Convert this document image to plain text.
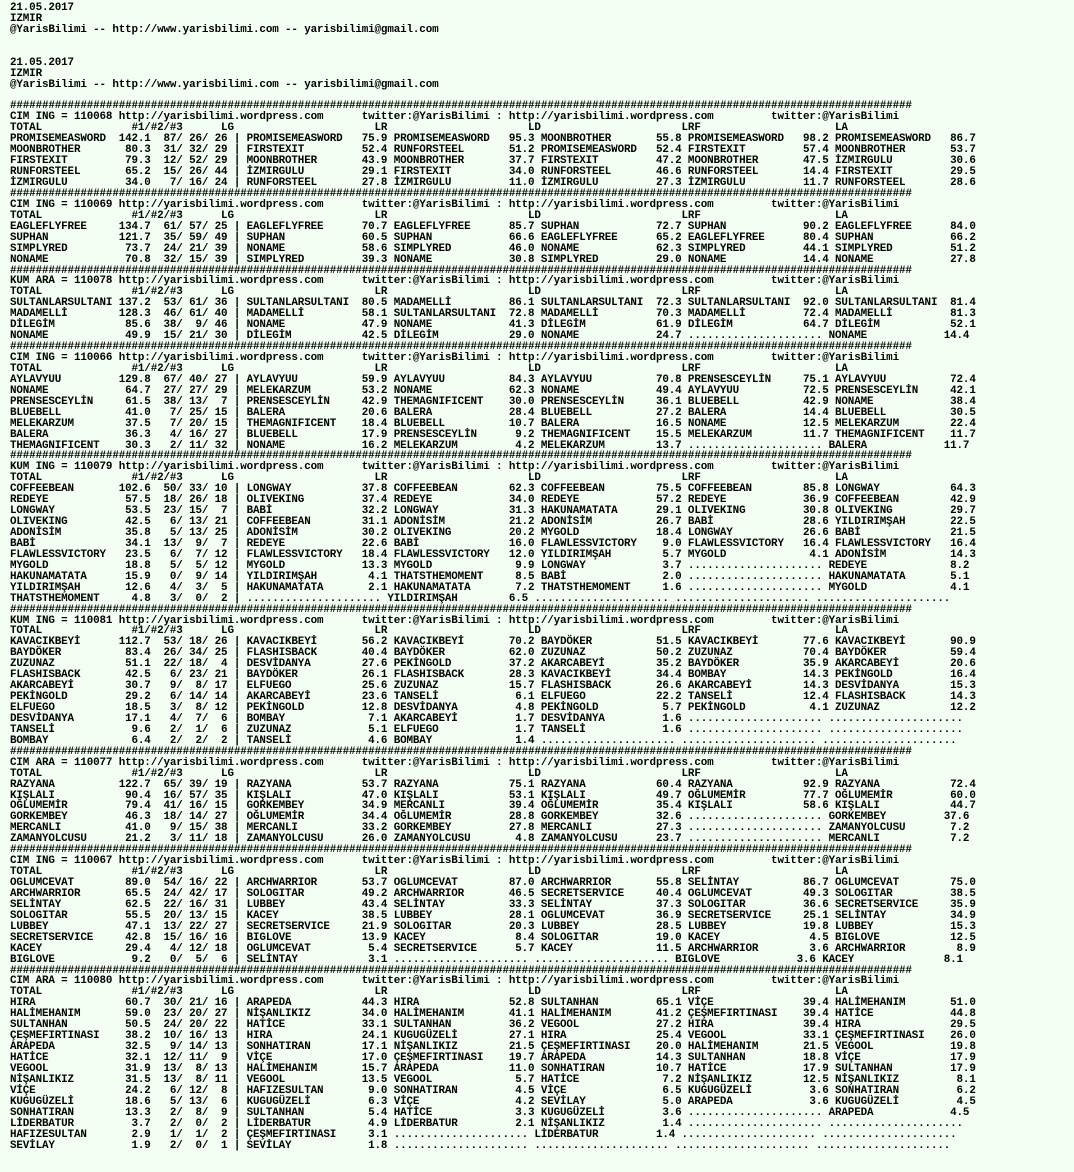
21.05.2017
IZMIR
@YarisBilimi -- http://www.yarisbilimi.com -- yarisbilimi@gmail.com

21.05.2017
IZMIR
@YarisBilimi -- http://www.yarisbilimi.com -- yarisbilimi@gmail.com

#############################################################################################################################################
CIM ING = 110068 http://yarisbilimi.wordpress.com      twitter:@YarisBilimi : http://yarisbilimi.wordpress.com         twitter:@YarisBilimi
TOTAL              #1/#2/#3      LG                      LR                      LD                      LRF                     LA
PROMISEMEASWORD  142.1  87/ 26/ 26 | PROMISEMEASWORD   75.9 PROMISEMEASWORD   95.3 MOONBROTHER       55.8 PROMISEMEASWORD   98.2 PROMISEMEASWORD   86.7
MOONBROTHER       80.3  31/ 32/ 29 | FIRSTEXIT         52.4 RUNFORSTEEL       51.2 PROMISEMEASWORD   52.4 FIRSTEXIT         57.4 MOONBROTHER       53.7
FIRSTEXIT         79.3  12/ 52/ 29 | MOONBROTHER       43.9 MOONBROTHER       37.7 FIRSTEXIT         47.2 MOONBROTHER       47.5 İZMIRGULU         30.6
RUNFORSTEEL       65.2  15/ 26/ 44 | İZMIRGULU         29.1 FIRSTEXIT         34.0 RUNFORSTEEL       46.6 RUNFORSTEEL       14.4 FIRSTEXIT         29.5
İZMIRGULU         34.0   7/ 16/ 24 | RUNFORSTEEL       27.8 İZMIRGULU         11.0 İZMIRGULU         27.3 İZMIRGULU         11.7 RUNFORSTEEL       28.6
#############################################################################################################################################
CIM ING = 110069 http://yarisbilimi.wordpress.com      twitter:@YarisBilimi : http://yarisbilimi.wordpress.com         twitter:@YarisBilimi
TOTAL              #1/#2/#3      LG                      LR                      LD                      LRF                     LA
EAGLEFLYFREE     134.7  61/ 57/ 25 | EAGLEFLYFREE      70.7 EAGLEFLYFREE      85.7 SUPHAN            72.7 SUPHAN            90.2 EAGLEFLYFREE      84.0
SUPHAN           121.7  35/ 59/ 49 | SUPHAN            60.5 SUPHAN            66.6 EAGLEFLYFREE      65.2 EAGLEFLYFREE      80.4 SUPHAN            66.2
SIMPLYRED         73.7  24/ 21/ 39 | NONAME            58.6 SIMPLYRED         46.0 NONAME            62.3 SIMPLYRED         44.1 SIMPLYRED         51.2
NONAME            70.8  32/ 15/ 39 | SIMPLYRED         39.3 NONAME            30.8 SIMPLYRED         29.0 NONAME            14.4 NONAME            27.8
#############################################################################################################################################
KUM ARA = 110078 http://yarisbilimi.wordpress.com      twitter:@YarisBilimi : http://yarisbilimi.wordpress.com         twitter:@YarisBilimi
TOTAL              #1/#2/#3      LG                      LR                      LD                      LRF                     LA
SULTANLARSULTANI 137.2  53/ 61/ 36 | SULTANLARSULTANI  80.5 MADAMELLİ         86.1 SULTANLARSULTANI  72.3 SULTANLARSULTANI  92.0 SULTANLARSULTANI  81.4
MADAMELLİ        128.3  46/ 61/ 40 | MADAMELLİ         58.1 SULTANLARSULTANI  72.8 MADAMELLİ         70.3 MADAMELLİ         72.4 MADAMELLİ         81.3
DİLEGİM           85.6  38/  9/ 46 | NONAME            47.9 NONAME            41.3 DİLEGİM           61.9 DİLEGİM           64.7 DİLEGİM           52.1
NONAME            49.9  15/ 21/ 30 | DİLEGİM           42.5 DİLEGİM           29.0 NONAME            24.7 ..................... NONAME            14.4
#############################################################################################################################################
CIM ING = 110066 http://yarisbilimi.wordpress.com      twitter:@YarisBilimi : http://yarisbilimi.wordpress.com         twitter:@YarisBilimi
TOTAL              #1/#2/#3      LG                      LR                      LD                      LRF                     LA
AYLAVYUU         129.8  67/ 40/ 27 | AYLAVYUU          59.9 AYLAVYUU          84.3 AYLAVYUU          70.8 PRENSESCEYLİN     75.1 AYLAVYUU          72.4
NONAME            64.7  27/ 27/ 29 | MELEKARZUM        53.2 NONAME            62.3 NONAME            49.4 AYLAVYUU          72.5 PRENSESCEYLİN     42.1
PRENSESCEYLİN     61.5  38/ 13/  7 | PRENSESCEYLİN     42.9 THEMAGNIFICENT    30.0 PRENSESCEYLİN     36.1 BLUEBELL          42.9 NONAME            38.4
BLUEBELL          41.0   7/ 25/ 15 | BALERA            20.6 BALERA            28.4 BLUEBELL          27.2 BALERA            14.4 BLUEBELL          30.5
MELEKARZUM        37.5   7/ 20/ 15 | THEMAGNIFICENT    18.4 BLUEBELL          10.7 BALERA            16.5 NONAME            12.5 MELEKARZUM        22.4
BALERA            36.3   4/ 16/ 27 | BLUEBELL          17.9 PRENSESCEYLİN      9.2 THEMAGNIFICENT    15.5 MELEKARZUM        11.7 THEMAGNIFICENT    11.7
THEMAGNIFICENT    30.3   2/ 11/ 32 | NONAME            16.2 MELEKARZUM         4.2 MELEKARZUM        13.7 ..................... BALERA            11.7
#############################################################################################################################################
KUM ING = 110079 http://yarisbilimi.wordpress.com      twitter:@YarisBilimi : http://yarisbilimi.wordpress.com         twitter:@YarisBilimi
TOTAL              #1/#2/#3      LG                      LR                      LD                      LRF                     LA
COFFEEBEAN       102.6  50/ 33/ 10 | LONGWAY           37.8 COFFEEBEAN        62.3 COFFEEBEAN        75.5 COFFEEBEAN        85.8 LONGWAY           64.3
REDEYE            57.5  18/ 26/ 18 | OLIVEKING         37.4 REDEYE            34.0 REDEYE            57.2 REDEYE            36.9 COFFEEBEAN        42.9
LONGWAY           53.5  23/ 15/  7 | BABİ              32.2 LONGWAY           31.3 HAKUNAMATATA      29.1 OLIVEKING         30.8 OLIVEKING         29.7
OLIVEKING         42.5   6/ 13/ 21 | COFFEEBEAN        31.1 ADONİSİM          21.2 ADONİSİM          26.7 BABİ              28.6 YILDIRIMŞAH       22.5
ADONİSİM          35.8   5/ 13/ 25 | ADONİSİM          30.2 OLIVEKING         20.2 MYGOLD            18.4 LONGWAY           26.6 BABİ              21.5
BABİ              34.1  13/  9/  7 | REDEYE            22.6 BABİ              16.0 FLAWLESSVICTORY    9.0 FLAWLESSVICTORY   16.4 FLAWLESSVICTORY   16.4
FLAWLESSVICTORY   23.5   6/  7/ 12 | FLAWLESSVICTORY   18.4 FLAWLESSVICTORY   12.0 YILDIRIMŞAH        5.7 MYGOLD             4.1 ADONİSİM          14.3
MYGOLD            18.8   5/  5/ 12 | MYGOLD            13.3 MYGOLD             9.9 LONGWAY            3.7 ..................... REDEYE             8.2
HAKUNAMATATA      15.9   0/  9/ 14 | YILDIRIMŞAH        4.1 THATSTHEMOMENT     8.5 BABİ               2.0 ..................... HAKUNAMATATA       5.1
YILDIRIMŞAH       12.6   4/  3/  5 | HAKUNAMATATA       2.1 HAKUNAMATATA       7.2 THATSTHEMOMENT     1.6 ..................... MYGOLD             4.1
THATSTHEMOMENT     4.8   3/  0/  2 | ..................... YILDIRIMŞAH        6.5 ..................... ..................... .....................
#############################################################################################################################################
KUM ING = 110081 http://yarisbilimi.wordpress.com      twitter:@YarisBilimi : http://yarisbilimi.wordpress.com         twitter:@YarisBilimi
TOTAL              #1/#2/#3      LG                      LR                      LD                      LRF                     LA
KAVACIKBEYİ      112.7  53/ 18/ 26 | KAVACIKBEYİ       56.2 KAVACIKBEYİ       70.2 BAYDÖKER          51.5 KAVACIKBEYİ       77.6 KAVACIKBEYİ       90.9
BAYDÖKER          83.4  26/ 34/ 25 | FLASHISBACK       40.4 BAYDÖKER          62.0 ZUZUNAZ           50.2 ZUZUNAZ           70.4 BAYDÖKER          59.4
ZUZUNAZ           51.1  22/ 18/  4 | DESVİDANYA        27.6 PEKİNGOLD         37.2 AKARCABEYİ        35.2 BAYDÖKER          35.9 AKARCABEYİ        20.6
FLASHISBACK       42.5   6/ 23/ 21 | BAYDÖKER          26.1 FLASHISBACK       28.3 KAVACIKBEYİ       34.4 BOMBAY            14.3 PEKİNGOLD         16.4
AKARCABEYİ        30.7   9/  8/ 17 | ELFUEGO           25.6 ZUZUNAZ           15.7 FLASHISBACK       26.6 AKARCABEYİ        14.3 DESVİDANYA        15.3
PEKİNGOLD         29.2   6/ 14/ 14 | AKARCABEYİ        23.6 TANSELİ            6.1 ELFUEGO           22.2 TANSELİ           12.4 FLASHISBACK       14.3
ELFUEGO           18.5   3/  8/ 12 | PEKİNGOLD         12.8 DESVİDANYA         4.8 PEKİNGOLD          5.7 PEKİNGOLD          4.1 ZUZUNAZ           12.2
DESVİDANYA        17.1   4/  7/  6 | BOMBAY             7.1 AKARCABEYİ         1.7 DESVİDANYA         1.6 ..................... .....................
TANSELİ            9.6   2/  1/  6 | ZUZUNAZ            5.1 ELFUEGO            1.7 TANSELİ            1.6 ..................... .....................
BOMBAY             6.4   2/  2/  2 | TANSELİ            4.6 BOMBAY             1.4 ..................... ..................... .....................
#############################################################################################################################################
CIM ARA = 110077 http://yarisbilimi.wordpress.com      twitter:@YarisBilimi : http://yarisbilimi.wordpress.com         twitter:@YarisBilimi
TOTAL              #1/#2/#3      LG                      LR                      LD                      LRF                     LA
RAZYANA          122.7  65/ 39/ 19 | RAZYANA           53.7 RAZYANA           75.1 RAZYANA           60.4 RAZYANA           92.9 RAZYANA           72.4
KIŞLALI           90.4  16/ 57/ 35 | KIŞLALI           47.0 KIŞLALI           53.1 KIŞLALI           49.7 OĞLUMEMİR         77.7 OĞLUMEMİR         60.0
OĞLUMEMİR         79.4  41/ 16/ 15 | GORKEMBEY         34.9 MERCANLI          39.4 OĞLUMEMİR         35.4 KIŞLALI           58.6 KIŞLALI           44.7
GORKEMBEY         46.3  18/ 14/ 27 | OĞLUMEMİR         34.4 OĞLUMEMİR         28.8 GORKEMBEY         32.6 ..................... GORKEMBEY         37.6
MERCANLI          41.0   9/ 15/ 38 | MERCANLI          33.2 GORKEMBEY         27.8 MERCANLI          27.3 ..................... ZAMANYOLCUSU       7.2
ZAMANYOLCUSU      21.2   3/ 11/ 18 | ZAMANYOLCUSU      26.0 ZAMANYOLCUSU       4.8 ZAMANYOLCUSU      23.7 ..................... MERCANLI           7.2
#############################################################################################################################################
CIM ING = 110067 http://yarisbilimi.wordpress.com      twitter:@YarisBilimi : http://yarisbilimi.wordpress.com         twitter:@YarisBilimi
TOTAL              #1/#2/#3      LG                      LR                      LD                      LRF                     LA
OGLUMCEVAT        89.0  54/ 16/ 22 | ARCHWARRIOR       53.7 OGLUMCEVAT        87.0 ARCHWARRIOR       55.8 SELİNTAY          86.7 OGLUMCEVAT        75.0
ARCHWARRIOR       65.5  24/ 42/ 17 | SOLOGITAR         49.2 ARCHWARRIOR       46.5 SECRETSERVICE     40.4 OGLUMCEVAT        49.3 SOLOGITAR         38.5
SELİNTAY          62.5  22/ 16/ 31 | LUBBEY            43.4 SELİNTAY          33.3 SELİNTAY          37.3 SOLOGITAR         36.6 SECRETSERVICE     35.9
SOLOGITAR         55.5  20/ 13/ 15 | KACEY             38.5 LUBBEY            28.1 OGLUMCEVAT        36.9 SECRETSERVICE     25.1 SELİNTAY          34.9
LUBBEY            47.1  13/ 22/ 27 | SECRETSERVICE     21.9 SOLOGITAR         20.3 LUBBEY            28.5 LUBBEY            19.8 LUBBEY            15.3
SECRETSERVICE     42.8  15/ 16/ 16 | BIGLOVE           13.9 KACEY              8.4 SOLOGITAR         19.0 KACEY              4.5 BIGLOVE           12.5
KACEY             29.4   4/ 12/ 18 | OGLUMCEVAT         5.4 SECRETSERVICE      5.7 KACEY             11.5 ARCHWARRIOR        3.6 ARCHWARRIOR        8.9
BIGLOVE            9.2   0/  5/  6 | SELİNTAY           3.1 ..................... ..................... BIGLOVE            3.6 KACEY              8.1
#############################################################################################################################################
CIM ARA = 110080 http://yarisbilimi.wordpress.com      twitter:@YarisBilimi : http://yarisbilimi.wordpress.com         twitter:@YarisBilimi
TOTAL              #1/#2/#3      LG                      LR                      LD                      LRF                     LA
HIRA              60.7  30/ 21/ 16 | ARAPEDA           44.3 HIRA              52.8 SULTANHAN         65.1 VİÇE              39.4 HALİMEHANIM       51.0
HALİMEHANIM       59.0  23/ 20/ 27 | NİŞANLIKIZ        34.0 HALİMEHANIM       41.1 HALİMEHANIM       41.2 ÇEŞMEFIRTINASI    39.4 HATİCE            44.8
SULTANHAN         50.5  24/ 20/ 22 | HATİCE            33.1 SULTANHAN         36.2 VEGOOL            27.2 HIRA              39.4 HIRA              29.5
ÇEŞMEFIRTINASI    38.2  10/ 16/ 13 | HIRA              24.1 KUGUGÜZELİ        27.1 HIRA              25.4 VEGOOL            33.1 ÇEŞMEFIRTINASI    26.0
ARAPEDA           32.5   9/ 14/ 13 | SONHATIRAN        17.1 NİŞANLIKIZ        21.5 ÇEŞMEFIRTINASI    20.0 HALİMEHANIM       21.5 VEGOOL            19.8
HATİCE            32.1  12/ 11/  9 | VİÇE              17.0 ÇEŞMEFIRTINASI    19.7 ARAPEDA           14.3 SULTANHAN         18.8 VİÇE              17.9
VEGOOL            31.9  13/  8/ 13 | HALİMEHANIM       15.7 ARAPEDA           11.0 SONHATIRAN        10.7 HATİCE            17.9 SULTANHAN         17.9
NİŞANLIKIZ        31.5  13/  8/ 11 | VEGOOL            13.5 VEGOOL             5.7 HATİCE             7.2 NİŞANLIKIZ        12.5 NİŞANLIKIZ         8.1
VİÇE              24.2   6/ 12/  8 | HAFIZESULTAN       9.0 SONHATIRAN         4.5 VİÇE               6.5 KUGUGÜZELİ         3.6 SONHATIRAN         6.2
KUGUGÜZELİ        18.6   5/ 13/  6 | KUGUGÜZELİ         6.3 VİÇE               4.2 SEVİLAY            5.0 ARAPEDA            3.6 KUGUGÜZELİ         4.5
SONHATIRAN        13.3   2/  8/  9 | SULTANHAN          5.4 HATİCE             3.3 KUGUGÜZELİ         3.6 ..................... ARAPEDA            4.5
LİDERBATUR         3.7   2/  0/  2 | LİDERBATUR         4.9 LİDERBATUR         2.1 NİŞANLIKIZ         1.4 ..................... .....................
HAFIZESULTAN       2.9   1/  1/  2 | ÇEŞMEFIRTINASI     3.1 ..................... LİDERBATUR         1.4 ..................... .....................
SEVİLAY            1.9   2/  0/  1 | SEVİLAY            1.8 ..................... ..................... ..................... .....................
